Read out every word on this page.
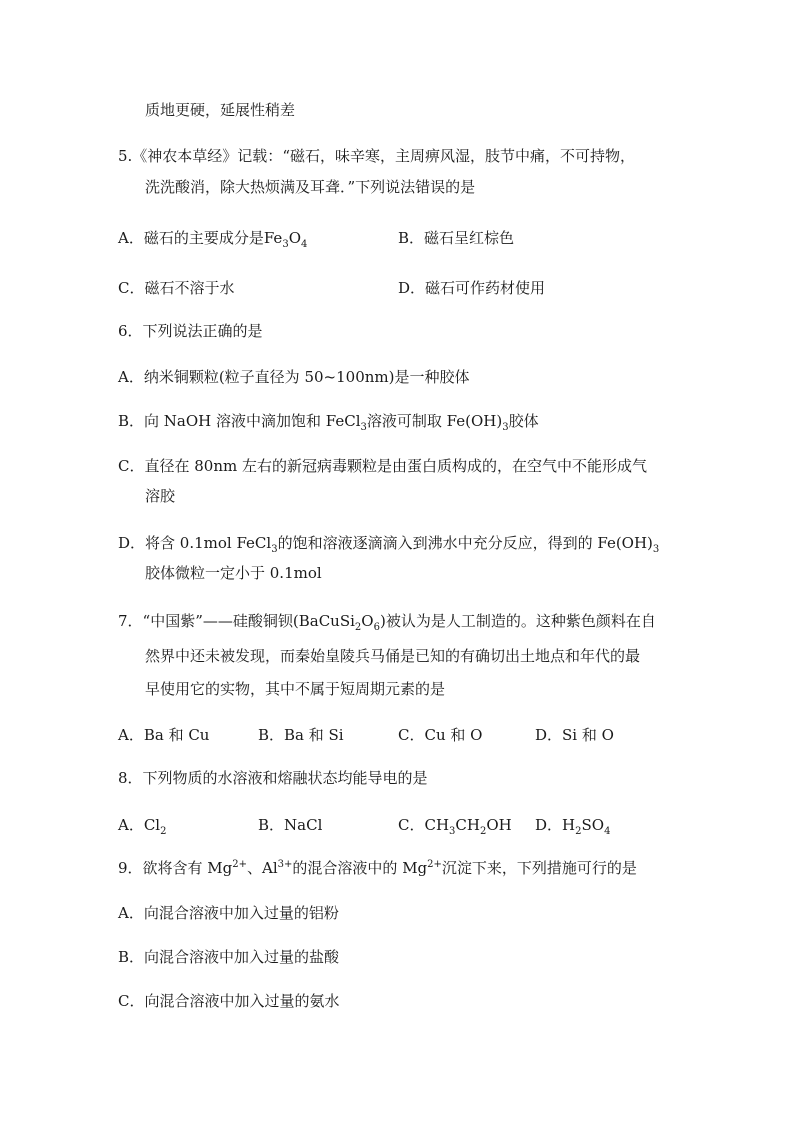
质地更硬，延展性稍差
5.《神农本草经》记载：“磁石，味辛寒，主周痹风湿，肢节中痛，不可持物，
洗洗酸消，除大热烦满及耳聋．”下列说法错误的是
A．磁石的主要成分是$Fe_3O_4$	B．磁石呈红棕色
C．磁石不溶于水	D．磁石可作药材使用
6．下列说法正确的是
A．纳米铜颗粒(粒子直径为 50~100nm)是一种胶体
B．向 NaOH 溶液中滴加饱和 FeCl$_3$溶液可制取 $Fe(OH)_3$胶体
C．直径在 80nm 左右的新冠病毒颗粒是由蛋白质构成的，在空气中不能形成气
溶胶
D．将含 0.1mol FeCl$_3$的饱和溶液逐滴滴入到沸水中充分反应，得到的 $Fe(OH)_3$
胶体微粒一定小于 0.1mol
7．“中国紫”——硅酸铜钡$(BaCuSi_2O_6)$被认为是人工制造的。这种紫色颜料在自
然界中还未被发现，而秦始皇陵兵马俑是已知的有确切出土地点和年代的最
早使用它的实物，其中不属于短周期元素的是
A．Ba 和 Cu	B．Ba 和 Si	C．Cu 和 O	D．Si 和 O
8．下列物质的水溶液和熔融状态均能导电的是
A．$Cl_2$	B．NaCl	C．$CH_3CH_2OH$ D．$H_2SO_4$
9．欲将含有 $Mg^{2+}$、$Al^{3+}$的混合溶液中的 $Mg^{2+}$沉淀下来，下列措施可行的是
A．向混合溶液中加入过量的铝粉
B．向混合溶液中加入过量的盐酸
C．向混合溶液中加入过量的氨水
